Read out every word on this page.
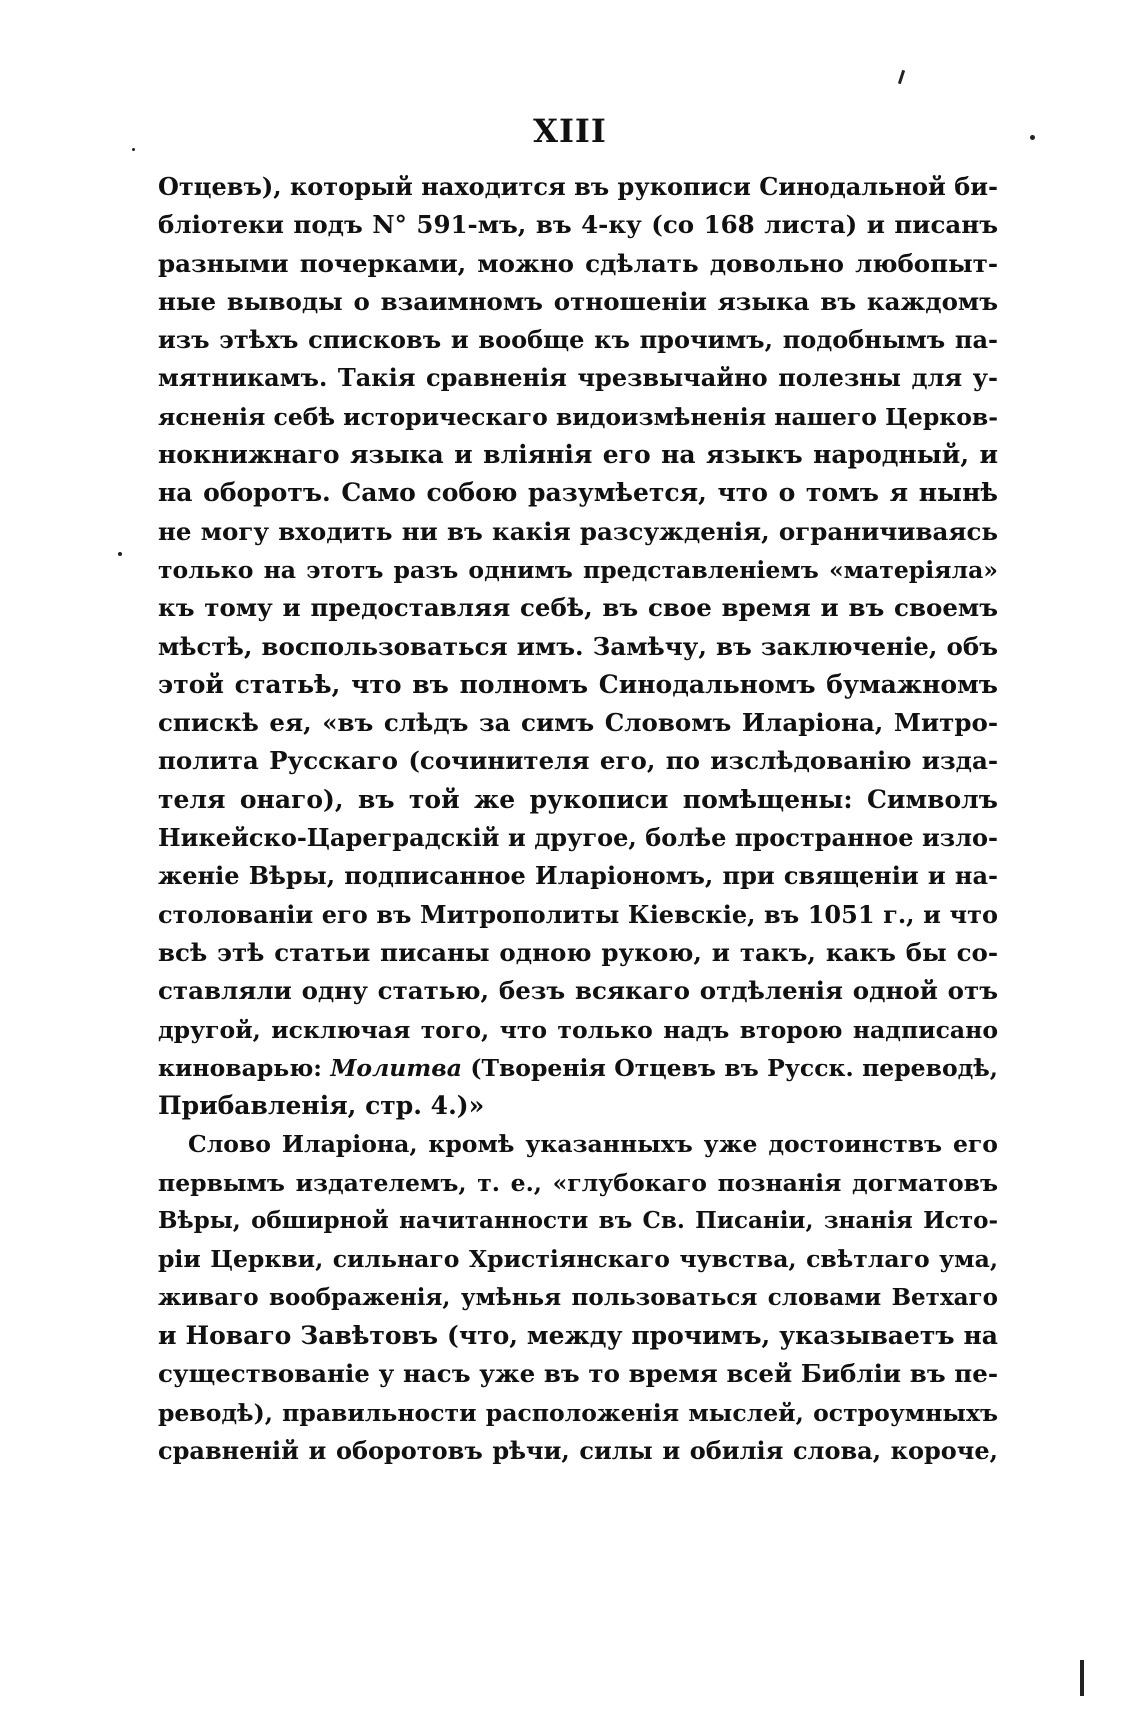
XIII
Отцевъ), который находится въ рукописи Синодальной би-
бліотеки подъ N° 591-мъ, въ 4-ку (со 168 листа) и писанъ
разными почерками, можно сдѣлать довольно любопыт-
ные выводы о взаимномъ отношеніи языка въ каждомъ
изъ этѣхъ списковъ и вообще къ прочимъ, подобнымъ па-
мятникамъ. Такія сравненія чрезвычайно полезны для у-
ясненія себѣ историческаго видоизмѣненія нашего Церков-
нокнижнаго языка и вліянія его на языкъ народный, и
на оборотъ. Само собою разумѣется, что о томъ я нынѣ
не могу входить ни въ какія разсужденія, ограничиваясь
только на этотъ разъ однимъ представленіемъ «матеріяла»
къ тому и предоставляя себѣ, въ свое время и въ своемъ
мѣстѣ, воспользоваться имъ. Замѣчу, въ заключеніе, объ
этой статьѣ, что въ полномъ Синодальномъ бумажномъ
спискѣ ея, «въ слѣдъ за симъ Словомъ Иларіона, Митро-
полита Русскаго (сочинителя его, по изслѣдованію изда-
теля онаго), въ той же рукописи помѣщены: Символъ
Никейско-Цареградскій и другое, болѣе пространное изло-
женіе Вѣры, подписанное Иларіономъ, при священіи и на-
столованіи его въ Митрополиты Кіевскіе, въ 1051 г., и что
всѣ этѣ статьи писаны одною рукою, и такъ, какъ бы со-
ставляли одну статью, безъ всякаго отдѣленія одной отъ
другой, исключая того, что только надъ второю надписано
киноварью: Молитва (Творенія Отцевъ въ Русск. переводѣ,
Прибавленія, стр. 4.)»
Слово Иларіона, кромѣ указанныхъ уже достоинствъ его
первымъ издателемъ, т. е., «глубокаго познанія догматовъ
Вѣры, обширной начитанности въ Св. Писаніи, знанія Исто-
ріи Церкви, сильнаго Христіянскаго чувства, свѣтлаго ума,
живаго воображенія, умѣнья пользоваться словами Ветхаго
и Новаго Завѣтовъ (что, между прочимъ, указываетъ на
существованіе у насъ уже въ то время всей Библіи въ пе-
реводѣ), правильности расположенія мыслей, остроумныхъ
сравненій и оборотовъ рѣчи, силы и обилія слова, короче,
